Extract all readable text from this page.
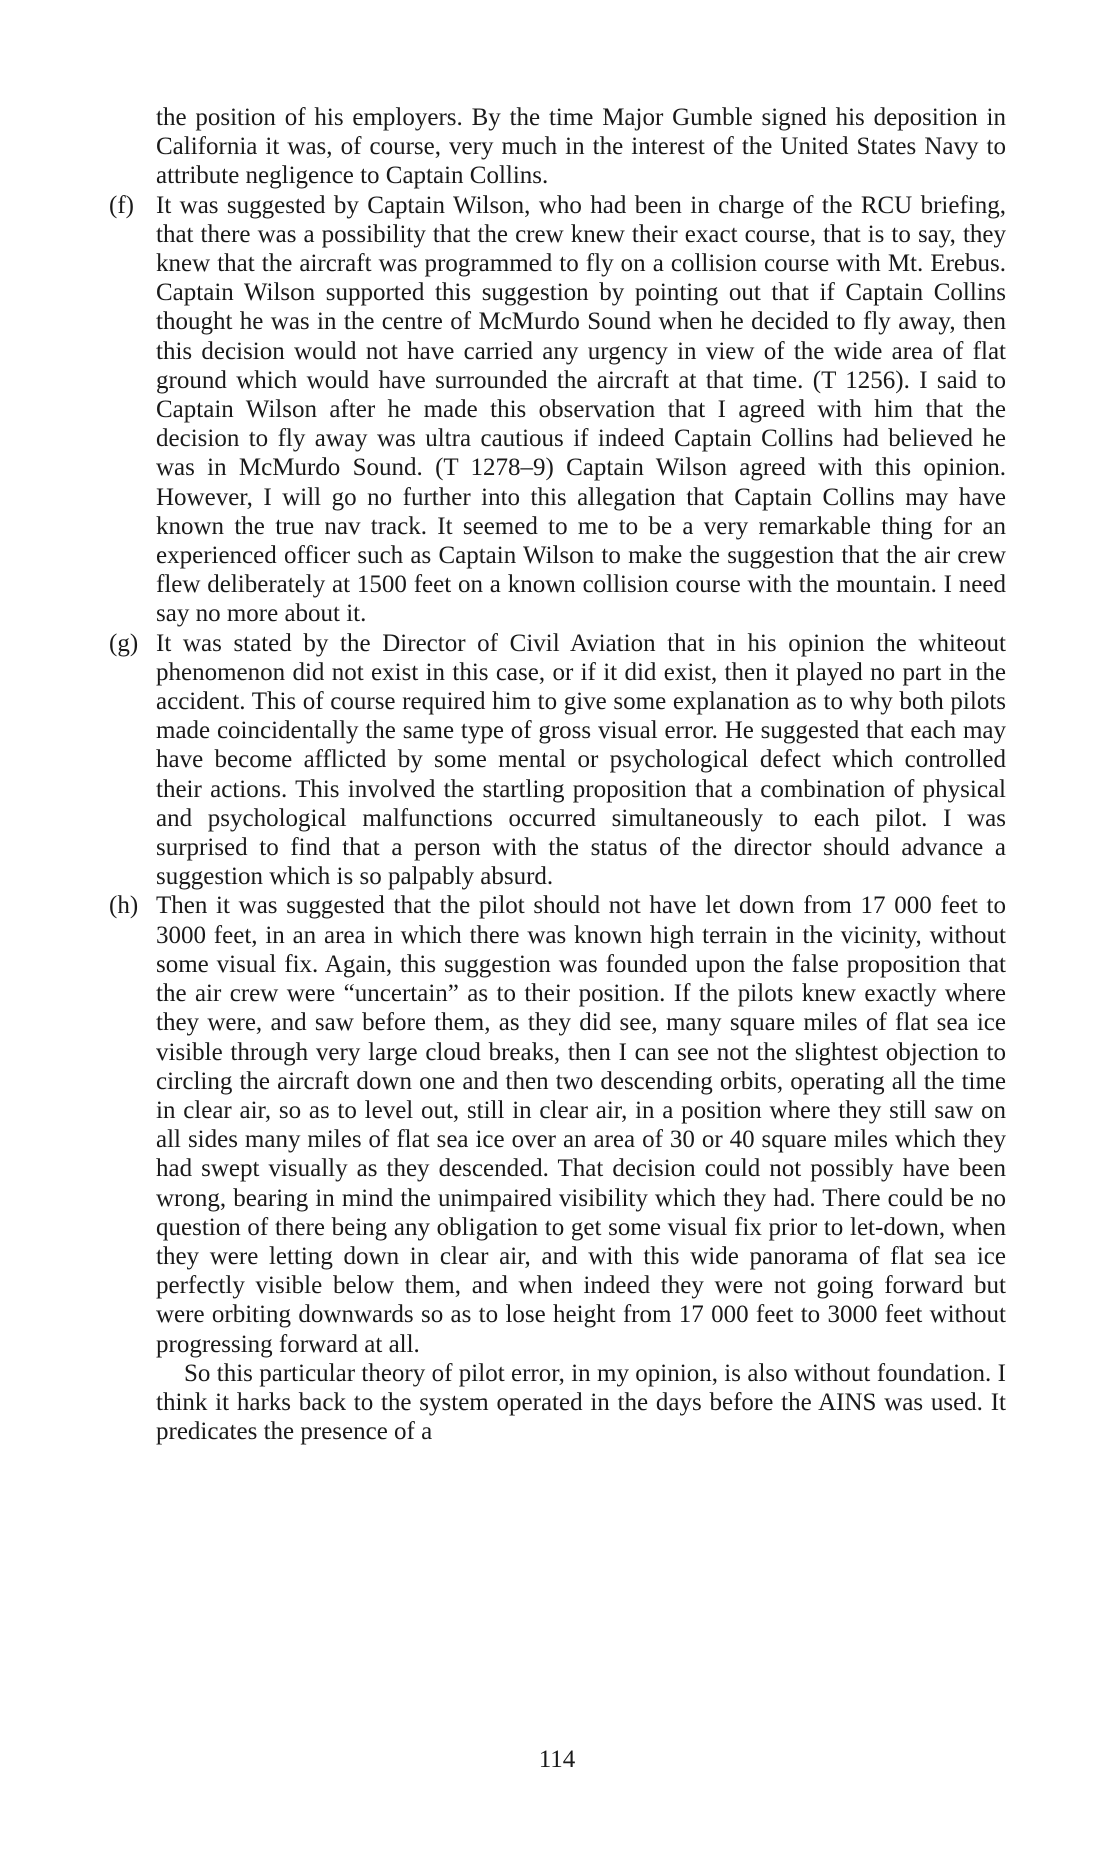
the position of his employers. By the time Major Gumble signed his deposition in California it was, of course, very much in the interest of the United States Navy to attribute negligence to Captain Collins.

(f) It was suggested by Captain Wilson, who had been in charge of the RCU briefing, that there was a possibility that the crew knew their exact course, that is to say, they knew that the aircraft was programmed to fly on a collision course with Mt. Erebus. Captain Wilson supported this suggestion by pointing out that if Captain Collins thought he was in the centre of McMurdo Sound when he decided to fly away, then this decision would not have carried any urgency in view of the wide area of flat ground which would have surrounded the aircraft at that time. (T 1256). I said to Captain Wilson after he made this observation that I agreed with him that the decision to fly away was ultra cautious if indeed Captain Collins had believed he was in McMurdo Sound. (T 1278–9) Captain Wilson agreed with this opinion. However, I will go no further into this allegation that Captain Collins may have known the true nav track. It seemed to me to be a very remarkable thing for an experienced officer such as Captain Wilson to make the suggestion that the air crew flew deliberately at 1500 feet on a known collision course with the mountain. I need say no more about it.
(g) It was stated by the Director of Civil Aviation that in his opinion the whiteout phenomenon did not exist in this case, or if it did exist, then it played no part in the accident. This of course required him to give some explanation as to why both pilots made coincidentally the same type of gross visual error. He suggested that each may have become afflicted by some mental or psychological defect which controlled their actions. This involved the startling proposition that a combination of physical and psychological malfunctions occurred simultaneously to each pilot. I was surprised to find that a person with the status of the director should advance a suggestion which is so palpably absurd.
(h) Then it was suggested that the pilot should not have let down from 17 000 feet to 3000 feet, in an area in which there was known high terrain in the vicinity, without some visual fix. Again, this suggestion was founded upon the false proposition that the air crew were “uncertain” as to their position. If the pilots knew exactly where they were, and saw before them, as they did see, many square miles of flat sea ice visible through very large cloud breaks, then I can see not the slightest objection to circling the aircraft down one and then two descending orbits, operating all the time in clear air, so as to level out, still in clear air, in a position where they still saw on all sides many miles of flat sea ice over an area of 30 or 40 square miles which they had swept visually as they descended. That decision could not possibly have been wrong, bearing in mind the unimpaired visibility which they had. There could be no question of there being any obligation to get some visual fix prior to let-down, when they were letting down in clear air, and with this wide panorama of flat sea ice perfectly visible below them, and when indeed they were not going forward but were orbiting downwards so as to lose height from 17 000 feet to 3000 feet without progressing forward at all.

So this particular theory of pilot error, in my opinion, is also without foundation. I think it harks back to the system operated in the days before the AINS was used. It predicates the presence of a

114
